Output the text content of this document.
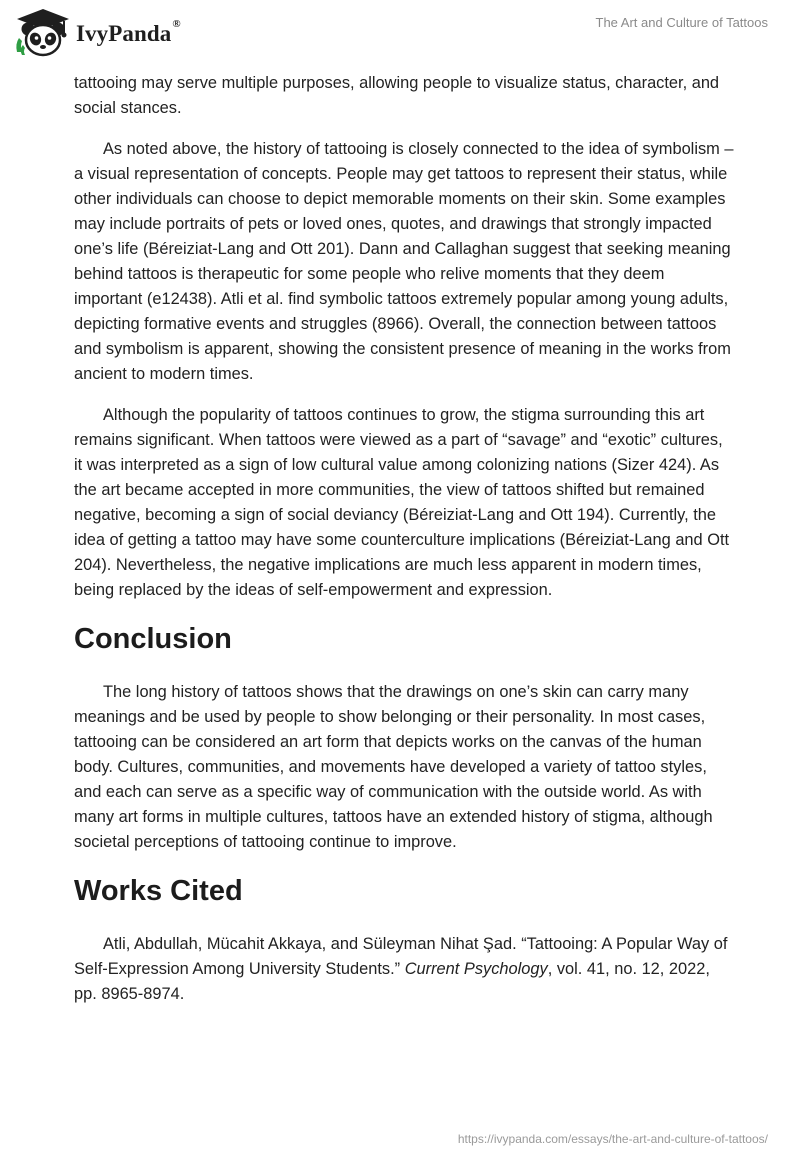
IvyPanda®	The Art and Culture of Tattoos

tattooing may serve multiple purposes, allowing people to visualize status, character, and social stances.

As noted above, the history of tattooing is closely connected to the idea of symbolism – a visual representation of concepts. People may get tattoos to represent their status, while other individuals can choose to depict memorable moments on their skin. Some examples may include portraits of pets or loved ones, quotes, and drawings that strongly impacted one’s life (Béreiziat-Lang and Ott 201). Dann and Callaghan suggest that seeking meaning behind tattoos is therapeutic for some people who relive moments that they deem important (e12438). Atli et al. find symbolic tattoos extremely popular among young adults, depicting formative events and struggles (8966). Overall, the connection between tattoos and symbolism is apparent, showing the consistent presence of meaning in the works from ancient to modern times.

Although the popularity of tattoos continues to grow, the stigma surrounding this art remains significant. When tattoos were viewed as a part of “savage” and “exotic” cultures, it was interpreted as a sign of low cultural value among colonizing nations (Sizer 424). As the art became accepted in more communities, the view of tattoos shifted but remained negative, becoming a sign of social deviancy (Béreiziat-Lang and Ott 194). Currently, the idea of getting a tattoo may have some counterculture implications (Béreiziat-Lang and Ott 204). Nevertheless, the negative implications are much less apparent in modern times, being replaced by the ideas of self-empowerment and expression.

Conclusion

The long history of tattoos shows that the drawings on one’s skin can carry many meanings and be used by people to show belonging or their personality. In most cases, tattooing can be considered an art form that depicts works on the canvas of the human body. Cultures, communities, and movements have developed a variety of tattoo styles, and each can serve as a specific way of communication with the outside world. As with many art forms in multiple cultures, tattoos have an extended history of stigma, although societal perceptions of tattooing continue to improve.

Works Cited

Atli, Abdullah, Mücahit Akkaya, and Süleyman Nihat Şad. “Tattooing: A Popular Way of Self-Expression Among University Students.” Current Psychology, vol. 41, no. 12, 2022, pp. 8965-8974.

https://ivypanda.com/essays/the-art-and-culture-of-tattoos/
